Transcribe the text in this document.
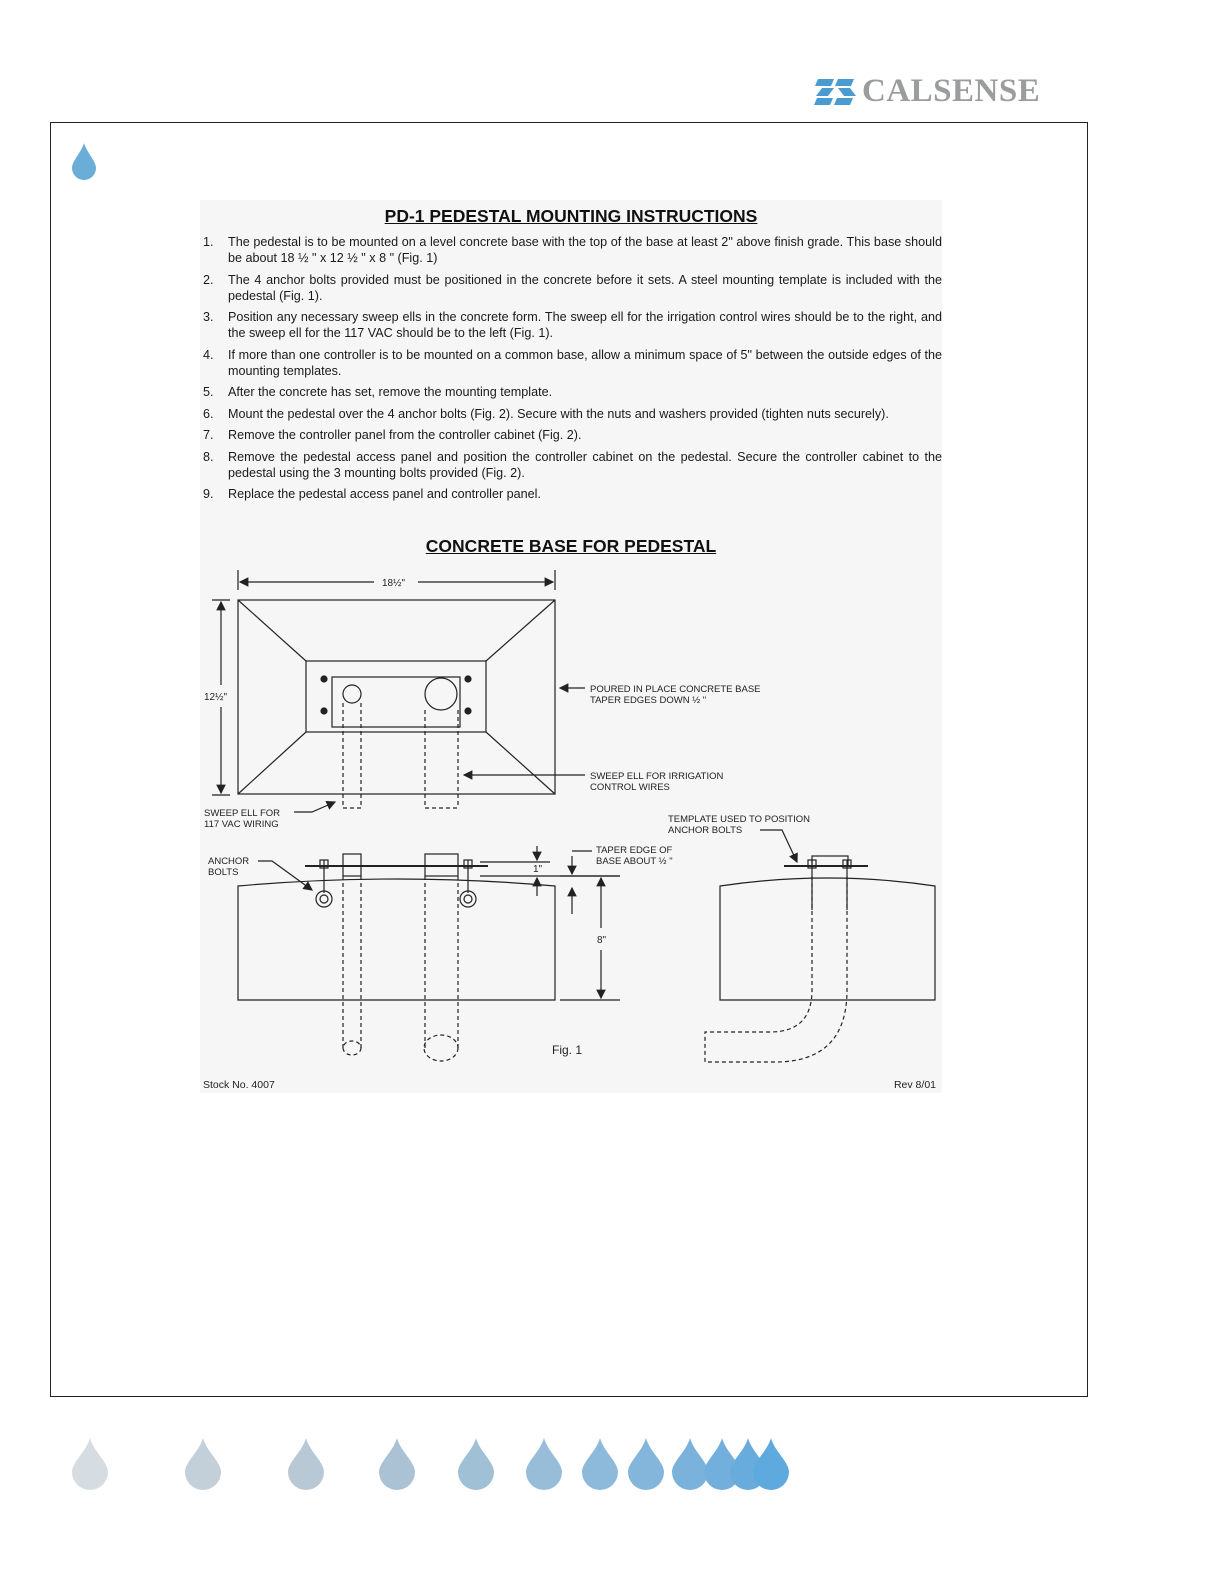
CALSENSE
PD-1 PEDESTAL MOUNTING INSTRUCTIONS
1. The pedestal is to be mounted on a level concrete base with the top of the base at least 2" above finish grade. This base should be about 18 ½ " x 12 ½ " x 8 " (Fig. 1)
2. The 4 anchor bolts provided must be positioned in the concrete before it sets. A steel mounting template is included with the pedestal (Fig. 1).
3. Position any necessary sweep ells in the concrete form. The sweep ell for the irrigation control wires should be to the right, and the sweep ell for the 117 VAC should be to the left (Fig. 1).
4. If more than one controller is to be mounted on a common base, allow a minimum space of 5" between the outside edges of the mounting templates.
5. After the concrete has set, remove the mounting template.
6. Mount the pedestal over the 4 anchor bolts (Fig. 2). Secure with the nuts and washers provided (tighten nuts securely).
7. Remove the controller panel from the controller cabinet (Fig. 2).
8. Remove the pedestal access panel and position the controller cabinet on the pedestal. Secure the controller cabinet to the pedestal using the 3 mounting bolts provided (Fig. 2).
9. Replace the pedestal access panel and controller panel.
CONCRETE BASE FOR PEDESTAL
18½"
12½"
POURED IN PLACE CONCRETE BASE
TAPER EDGES DOWN ½ "
SWEEP ELL FOR IRRIGATION
CONTROL WIRES
SWEEP ELL FOR
117 VAC WIRING	TEMPLATE USED TO POSITION
ANCHOR BOLTS
ANCHOR
BOLTS	1"
TAPER EDGE OF
BASE ABOUT ½ "
8"
Fig. 1
Stock No. 4007	Rev 8/01
